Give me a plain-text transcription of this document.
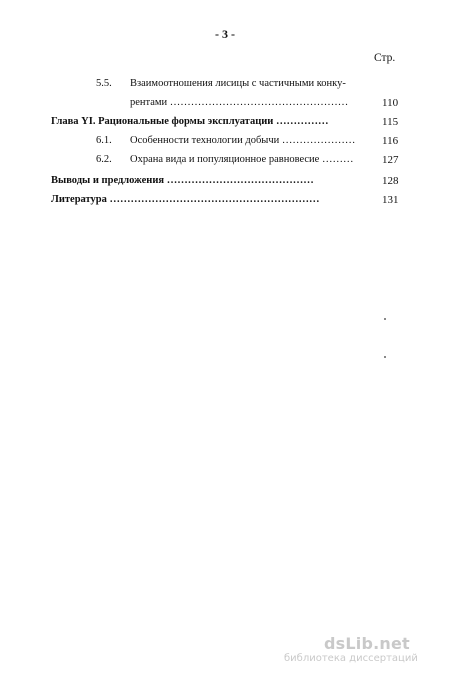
- 3 -
Стр.
5.5. Взаимоотношения лисицы с частичными конку-
рентами ……………………………………………	110
Глава YI. Рациональные формы эксплуатации ……………	115
6.1. Особенности технологии добычи ………………… 116
6.2. Охрана вида и популяционное равновесие ………	127
Выводы и предложения ……………………………………	128
Литература ……………………………………………………	131
dsLib.net
библиотека диссертаций
